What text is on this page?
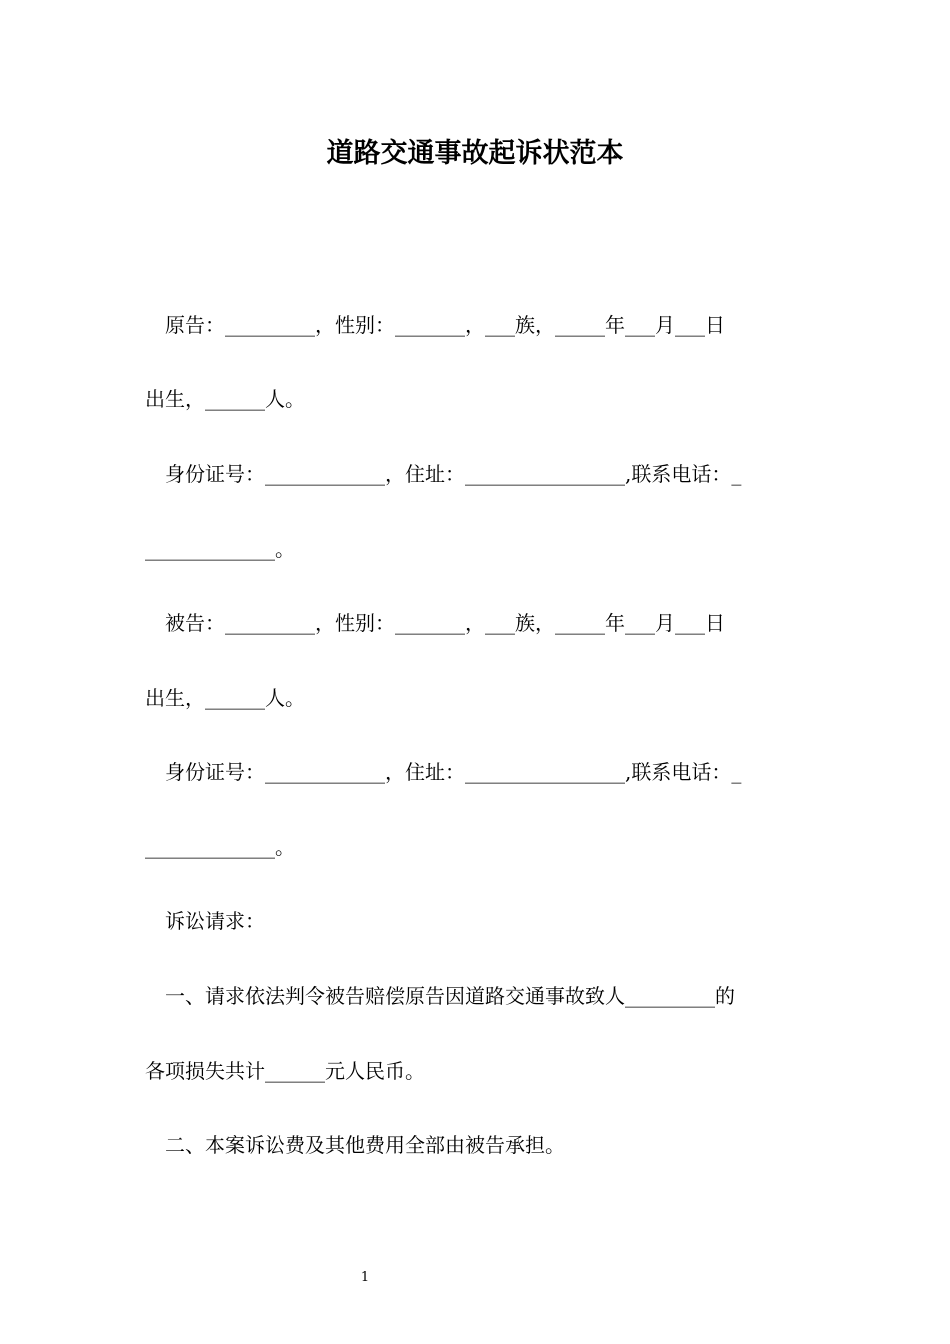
道路交通事故起诉状范本
原告：_________，性别：_______，___族，_____年___月___日
出生，______人。
身份证号：____________，住址：________________,联系电话：_
_____________。
被告：_________，性别：_______，___族，_____年___月___日
出生，______人。
身份证号：____________，住址：________________,联系电话：_
_____________。
诉讼请求：
一、请求依法判令被告赔偿原告因道路交通事故致人_________的
各项损失共计______元人民币。
二、本案诉讼费及其他费用全部由被告承担。
1
